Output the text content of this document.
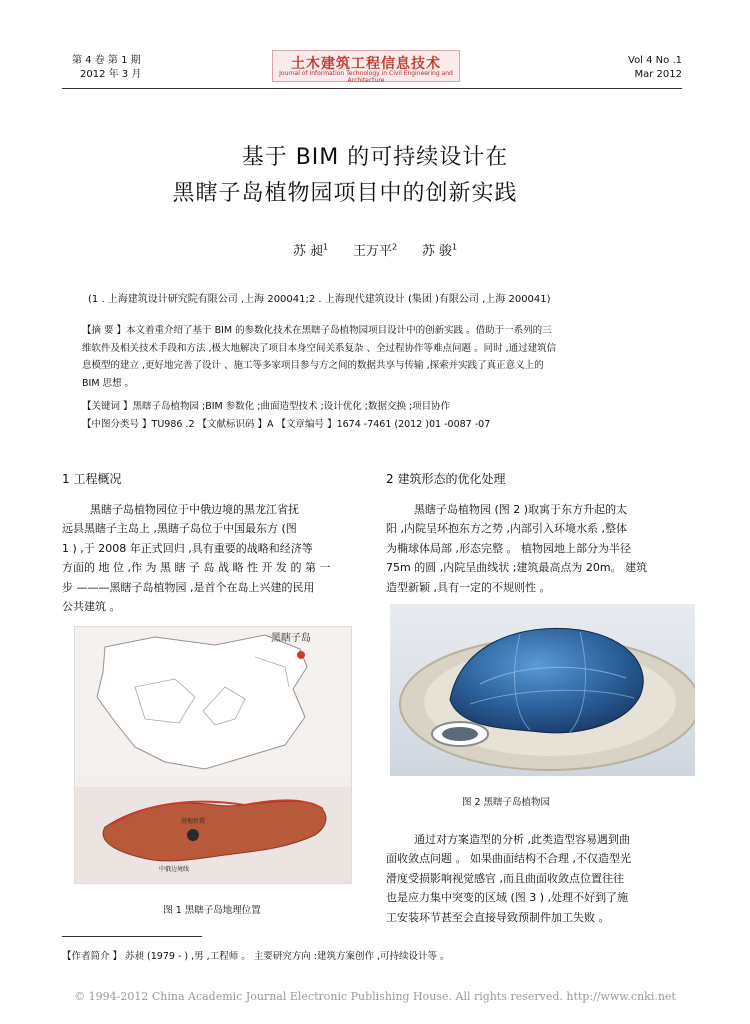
第 4 卷 第 1 期
2012 年 3 月
土木建筑工程信息技术
Journal of Information Technology in Civil Engineering and Architecture
Vol 4 No .1
Mar 2012
基于 BIM 的可持续设计在
黑瞎子岛植物园项目中的创新实践
苏 昶$^1$ 王万平$^2$ 苏 骏$^1$
(1 . 上海建筑设计研究院有限公司 ,上海 200041;2 . 上海现代建筑设计 (集团 )有限公司 ,上海 200041)
【摘 要 】本文着重介绍了基于 BIM 的参数化技术在黑瞎子岛植物园项目设计中的创新实践 。借助于一系列的三
维软件及相关技术手段和方法 ,极大地解决了项目本身空间关系复杂 、全过程协作等难点问题 。同时 ,通过建筑信
息模型的建立 ,更好地完善了设计 、施工等多家项目参与方之间的数据共享与传输 ,探索并实践了真正意义上的
BIM 思想 。
【关键词 】黑瞎子岛植物园 ;BIM 参数化 ;曲面造型技术 ;设计优化 ;数据交换 ;项目协作
【中图分类号 】TU986 .2 【文献标识码 】A 【文章编号 】1674 -7461 (2012 )01 -0087 -07
1 工程概况
黑瞎子岛植物园位于中俄边境的黑龙江省抚
远县黑瞎子主岛上 ,黑瞎子岛位于中国最东方 (图
1 ) ,于 2008 年正式回归 ,具有重要的战略和经济等
方面的 地 位 ,作 为 黑 瞎 子 岛 战 略 性 开 发 的 第 一
步 ———黑瞎子岛植物园 ,是首个在岛上兴建的民用
公共建筑 。
黑瞎子岛
基地位置
中俄边境线
图 1 黑瞎子岛地理位置
2 建筑形态的优化处理
黑瞎子岛植物园 (图 2 )取寓于东方升起的太
阳 ,内院呈环抱东方之势 ,内部引入环境水系 ,整体
为椭球体局部 ,形态完整 。 植物园地上部分为半径
75m 的圆 ,内院呈曲线状 ;建筑最高点为 20m。 建筑
造型新颖 ,具有一定的不规则性 。
图 2 黑瞎子岛植物园
通过对方案造型的分析 ,此类造型容易遇到曲
面收敛点问题 。 如果曲面结构不合理 ,不仅造型光
滑度受损影响视觉感官 ,而且曲面收敛点位置往往
也是应力集中突变的区域 (图 3 ) ,处理不好到了施
工安装环节甚至会直接导致预制件加工失败 。
【作者简介 】 苏昶 (1979 - ) ,男 ,工程师 。 主要研究方向 :建筑方案创作 ,可持续设计等 。
© 1994-2012 China Academic Journal Electronic Publishing House. All rights reserved. http://www.cnki.net
